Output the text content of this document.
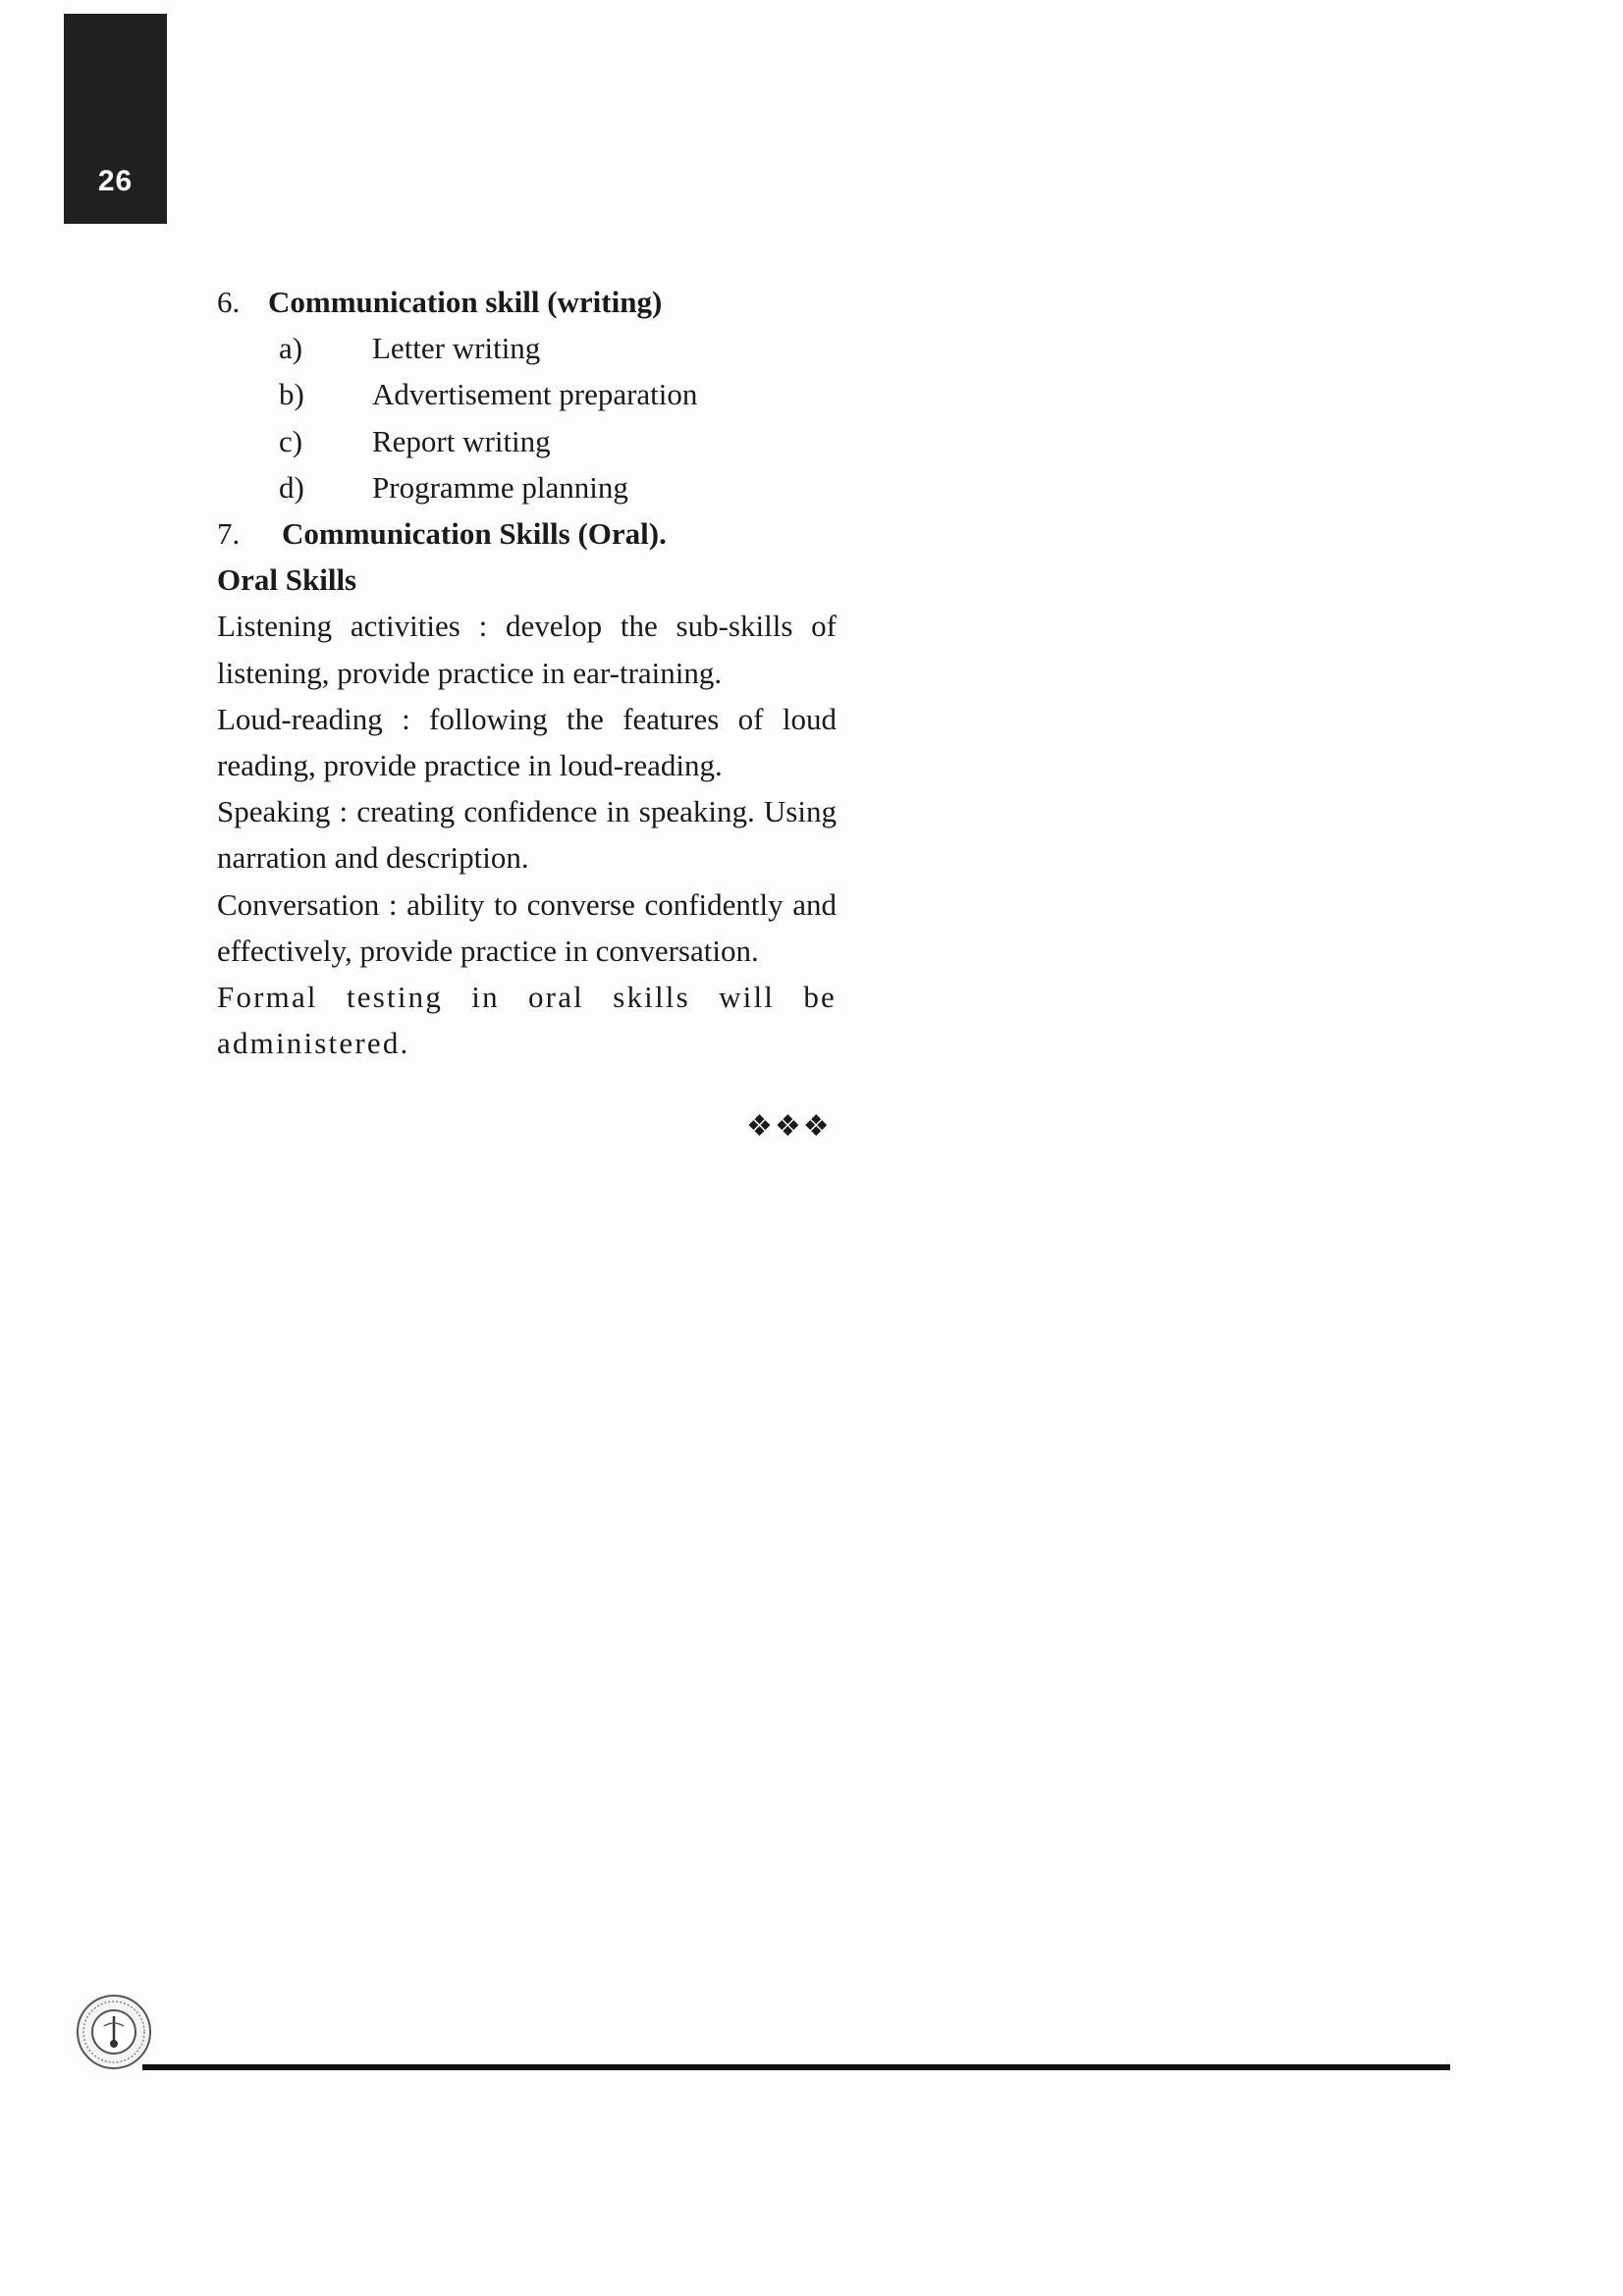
26
6. Communication skill (writing)
a) Letter writing
b) Advertisement preparation
c) Report writing
d) Programme planning
7. Communication Skills (Oral).
Oral Skills
Listening activities : develop the sub-skills of listening, provide practice in ear-training.
Loud-reading : following the features of loud reading, provide practice in loud-reading.
Speaking : creating confidence in speaking. Using narration and description.
Conversation : ability to converse confidently and effectively, provide practice in conversation.
Formal testing in oral skills will be administered.
❖❖❖
